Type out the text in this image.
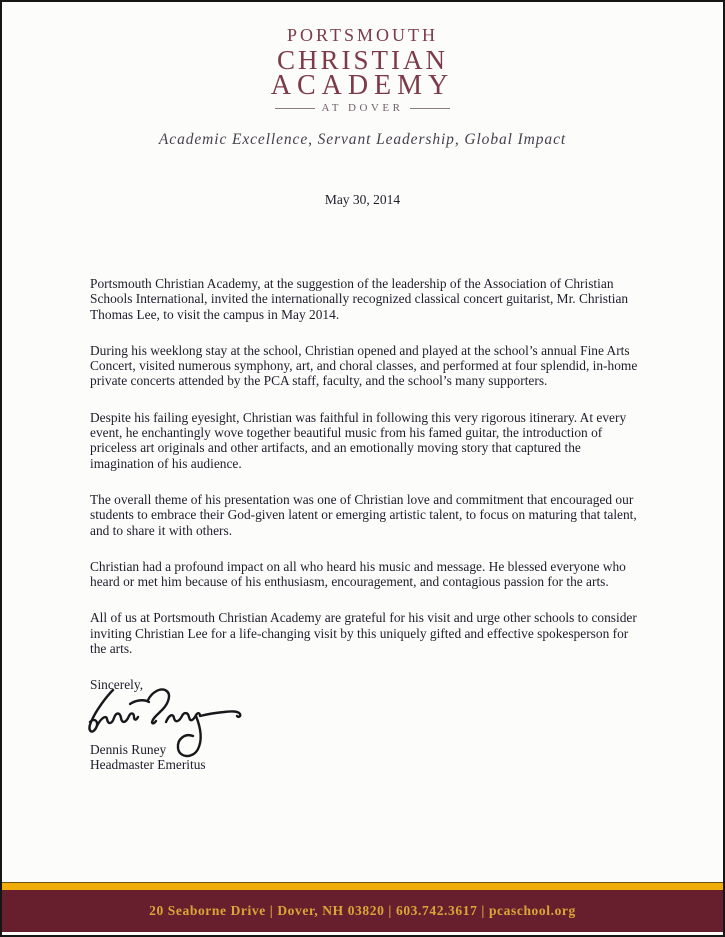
PORTSMOUTH
CHRISTIAN
ACADEMY
AT DOVER
Academic Excellence, Servant Leadership, Global Impact
May 30, 2014

Portsmouth Christian Academy, at the suggestion of the leadership of the Association of Christian Schools International, invited the internationally recognized classical concert guitarist, Mr. Christian Thomas Lee, to visit the campus in May 2014.

During his weeklong stay at the school, Christian opened and played at the school’s annual Fine Arts Concert, visited numerous symphony, art, and choral classes, and performed at four splendid, in-home private concerts attended by the PCA staff, faculty, and the school’s many supporters.

Despite his failing eyesight, Christian was faithful in following this very rigorous itinerary. At every event, he enchantingly wove together beautiful music from his famed guitar, the introduction of priceless art originals and other artifacts, and an emotionally moving story that captured the imagination of his audience.

The overall theme of his presentation was one of Christian love and commitment that encouraged our students to embrace their God-given latent or emerging artistic talent, to focus on maturing that talent, and to share it with others.

Christian had a profound impact on all who heard his music and message. He blessed everyone who heard or met him because of his enthusiasm, encouragement, and contagious passion for the arts.

All of us at Portsmouth Christian Academy are grateful for his visit and urge other schools to consider inviting Christian Lee for a life-changing visit by this uniquely gifted and effective spokesperson for the arts.

Sincerely,
Dennis Runey
Headmaster Emeritus
20 Seaborne Drive | Dover, NH 03820 | 603.742.3617 | pcaschool.org
